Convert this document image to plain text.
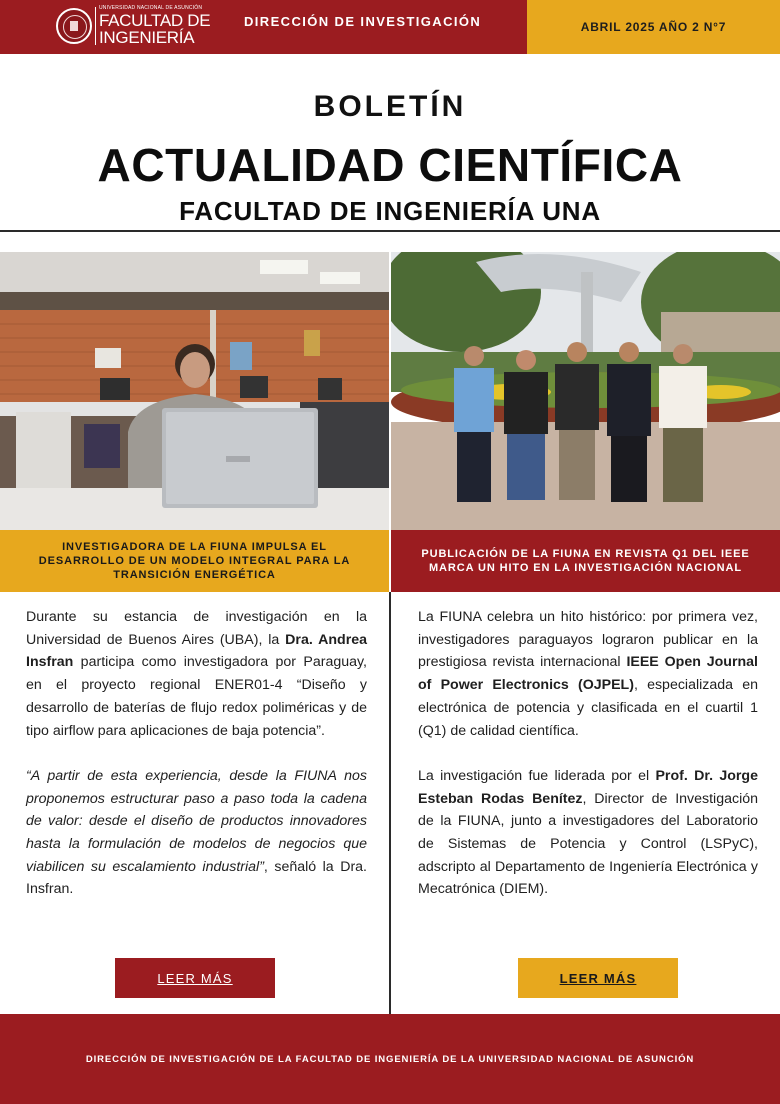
UNIVERSIDAD NACIONAL DE ASUNCIÓN
FACULTAD DE
INGENIERÍA
DIRECCIÓN DE INVESTIGACIÓN	ABRIL 2025 AÑO 2 N°7
BOLETÍN
ACTUALIDAD CIENTÍFICA
FACULTAD DE INGENIERÍA UNA
INVESTIGADORA DE LA FIUNA IMPULSA EL DESARROLLO DE UN MODELO INTEGRAL PARA LA TRANSICIÓN ENERGÉTICA
PUBLICACIÓN DE LA FIUNA EN REVISTA Q1 DEL IEEE MARCA UN HITO EN LA INVESTIGACIÓN NACIONAL

Durante su estancia de investigación en la Universidad de Buenos Aires (UBA), la Dra. Andrea Insfran participa como investigadora por Paraguay, en el proyecto regional ENER01-4 “Diseño y desarrollo de baterías de flujo redox poliméricas y de tipo airflow para aplicaciones de baja potencia”.

“A partir de esta experiencia, desde la FIUNA nos proponemos estructurar paso a paso toda la cadena de valor: desde el diseño de productos innovadores hasta la formulación de modelos de negocios que viabilicen su escalamiento industrial”, señaló la Dra. Insfran.

La FIUNA celebra un hito histórico: por primera vez, investigadores paraguayos lograron publicar en la prestigiosa revista internacional IEEE Open Journal of Power Electronics (OJPEL), especializada en electrónica de potencia y clasificada en el cuartil 1 (Q1) de calidad científica.

La investigación fue liderada por el Prof. Dr. Jorge Esteban Rodas Benítez, Director de Investigación de la FIUNA, junto a investigadores del Laboratorio de Sistemas de Potencia y Control (LSPyC), adscripto al Departamento de Ingeniería Electrónica y Mecatrónica (DIEM).

LEER MÁS	LEER MÁS
DIRECCIÓN DE INVESTIGACIÓN DE LA FACULTAD DE INGENIERÍA DE LA UNIVERSIDAD NACIONAL DE ASUNCIÓN
